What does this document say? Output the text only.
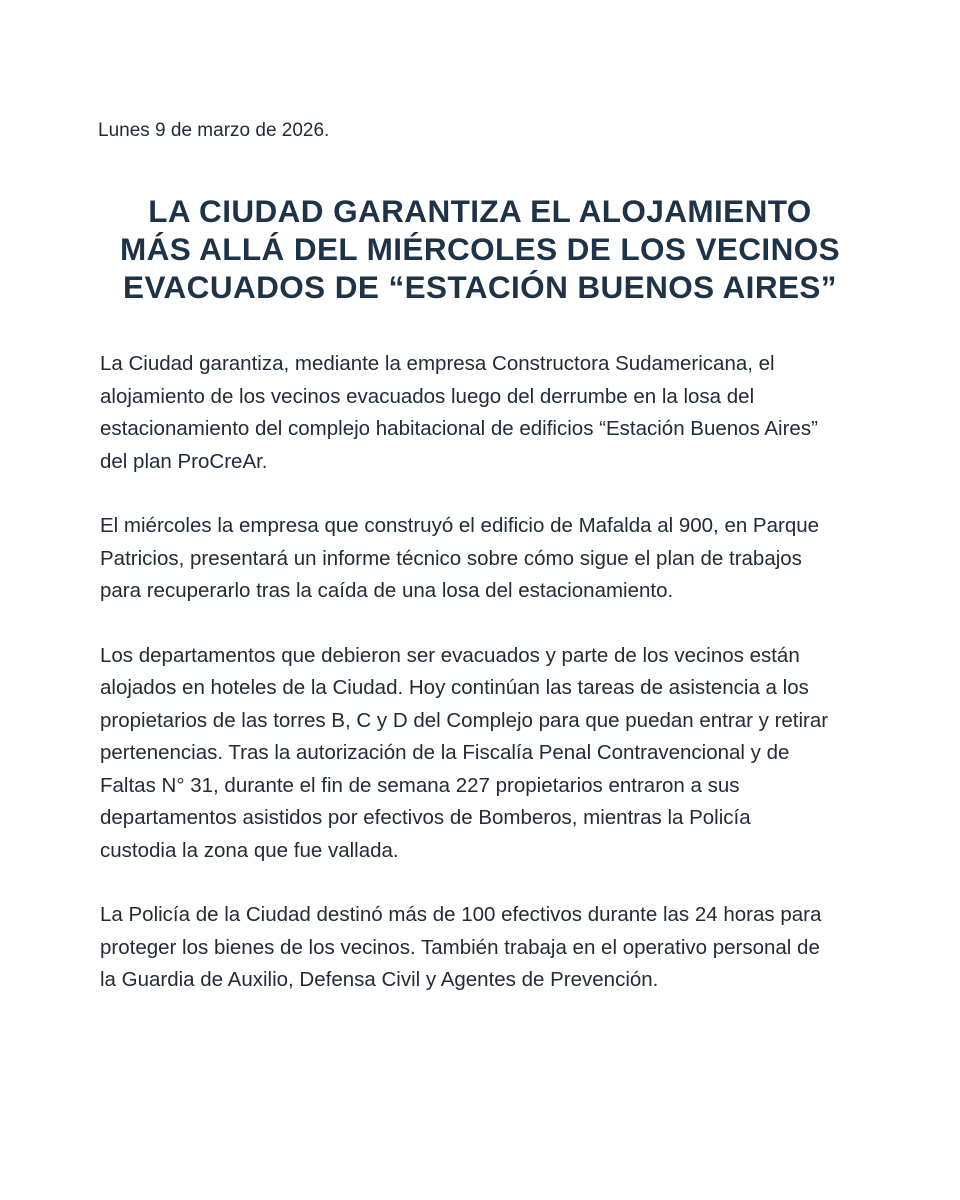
Lunes 9 de marzo de 2026.
LA CIUDAD GARANTIZA EL ALOJAMIENTO
MÁS ALLÁ DEL MIÉRCOLES DE LOS VECINOS
EVACUADOS DE “ESTACIÓN BUENOS AIRES”

La Ciudad garantiza, mediante la empresa Constructora Sudamericana, el
alojamiento de los vecinos evacuados luego del derrumbe en la losa del
estacionamiento del complejo habitacional de edificios “Estación Buenos Aires”
del plan ProCreAr.

El miércoles la empresa que construyó el edificio de Mafalda al 900, en Parque
Patricios, presentará un informe técnico sobre cómo sigue el plan de trabajos
para recuperarlo tras la caída de una losa del estacionamiento.

Los departamentos que debieron ser evacuados y parte de los vecinos están
alojados en hoteles de la Ciudad. Hoy continúan las tareas de asistencia a los
propietarios de las torres B, C y D del Complejo para que puedan entrar y retirar
pertenencias. Tras la autorización de la Fiscalía Penal Contravencional y de
Faltas N° 31, durante el fin de semana 227 propietarios entraron a sus
departamentos asistidos por efectivos de Bomberos, mientras la Policía
custodia la zona que fue vallada.

La Policía de la Ciudad destinó más de 100 efectivos durante las 24 horas para
proteger los bienes de los vecinos. También trabaja en el operativo personal de
la Guardia de Auxilio, Defensa Civil y Agentes de Prevención.
